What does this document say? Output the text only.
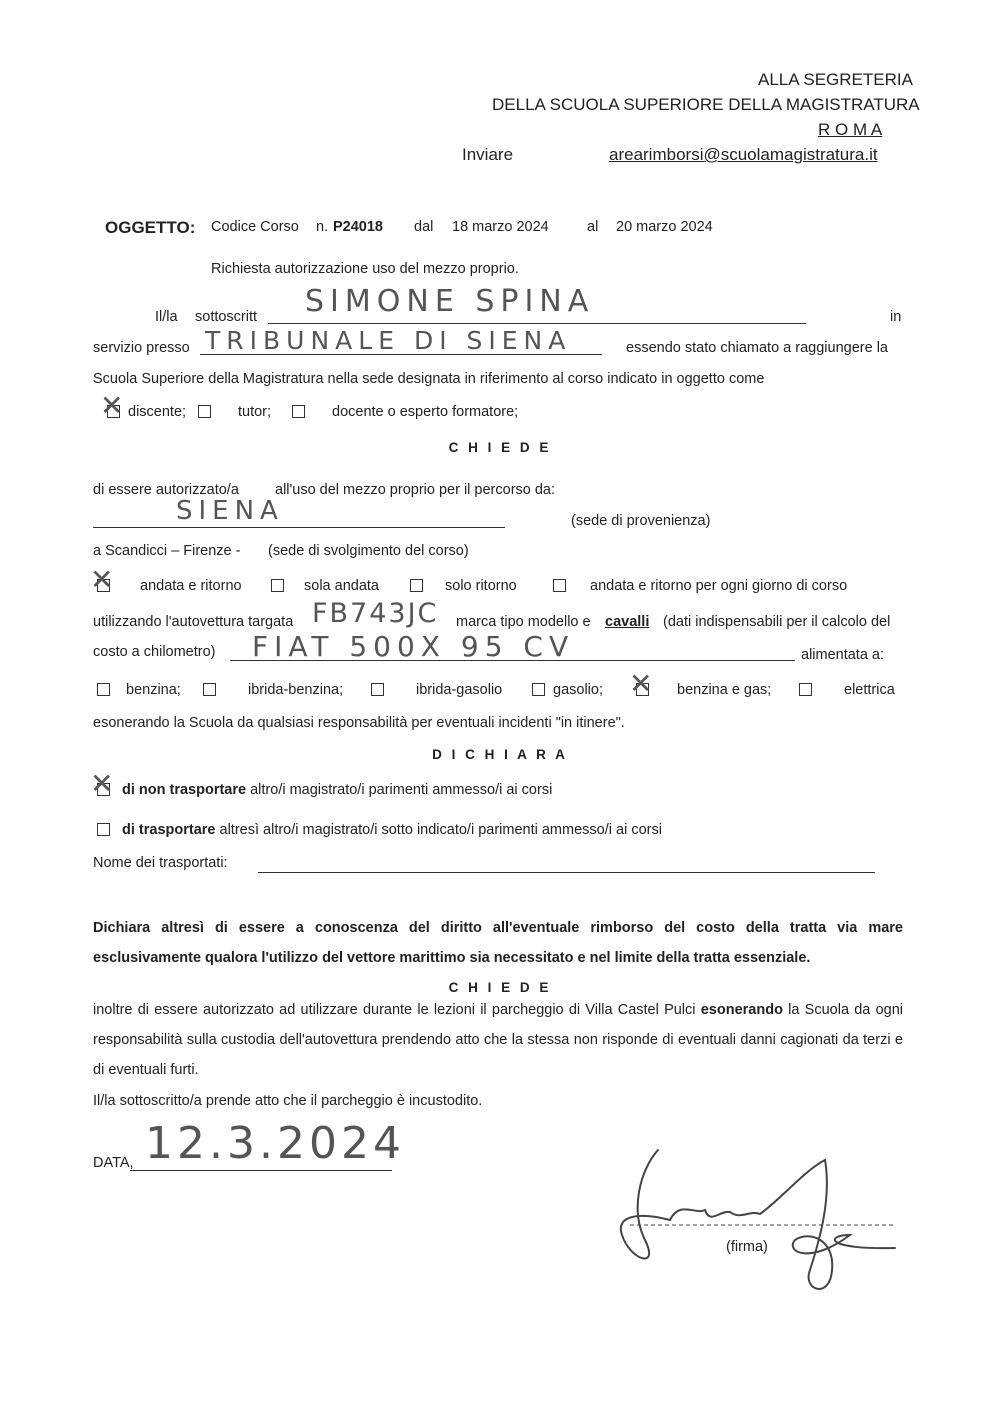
ALLA SEGRETERIA
DELLA SCUOLA SUPERIORE DELLA MAGISTRATURA
R O M A
Inviare	arearimborsi@scuolamagistratura.it
OGGETTO: Codice Corso n. P24018 dal 18 marzo 2024	al 20 marzo 2024
Richiesta autorizzazione uso del mezzo proprio.
Il/la sottoscritt SIMONE SPINA	in
servizio presso TRIBUNALE DI SIENA	essendo stato chiamato a raggiungere la
Scuola Superiore della Magistratura nella sede designata in riferimento al corso indicato in oggetto come
✕discente;	tutor;	docente o esperto formatore;
C H I E D E
di essere autorizzato/a all'uso del mezzo proprio per il percorso da:
SIENA	(sede di provenienza)
a Scandicci – Firenze - (sede di svolgimento del corso)
✕andata e ritorno	sola andata	solo ritorno	andata e ritorno per ogni giorno di corso
utilizzando l'autovettura targata FB743JC marca tipo modello e cavalli (dati indispensabili per il calcolo del
costo a chilometro) FIAT 500X 95 CV	alimentata a:
benzina;	ibrida-benzina;	ibrida-gasolio	gasolio;
✕	benzina e gas;	elettrica
esonerando la Scuola da qualsiasi responsabilità per eventuali incidenti "in itinere".
D I C H I A R A
✕di non trasportare altro/i magistrato/i parimenti ammesso/i ai corsi
di trasportare altresì altro/i magistrato/i sotto indicato/i parimenti ammesso/i ai corsi
Nome dei trasportati:
Dichiara altresì di essere a conoscenza del diritto all'eventuale rimborso del costo della tratta via mare esclusivamente qualora l'utilizzo del vettore marittimo sia necessitato e nel limite della tratta essenziale.
C H I E D E
inoltre di essere autorizzato ad utilizzare durante le lezioni il parcheggio di Villa Castel Pulci esonerando la Scuola da ogni responsabilità sulla custodia dell'autovettura prendendo atto che la stessa non risponde di eventuali danni cagionati da terzi e di eventuali furti.
Il/la sottoscritto/a prende atto che il parcheggio è incustodito.
DATA, 12.3.2024
(firma)
